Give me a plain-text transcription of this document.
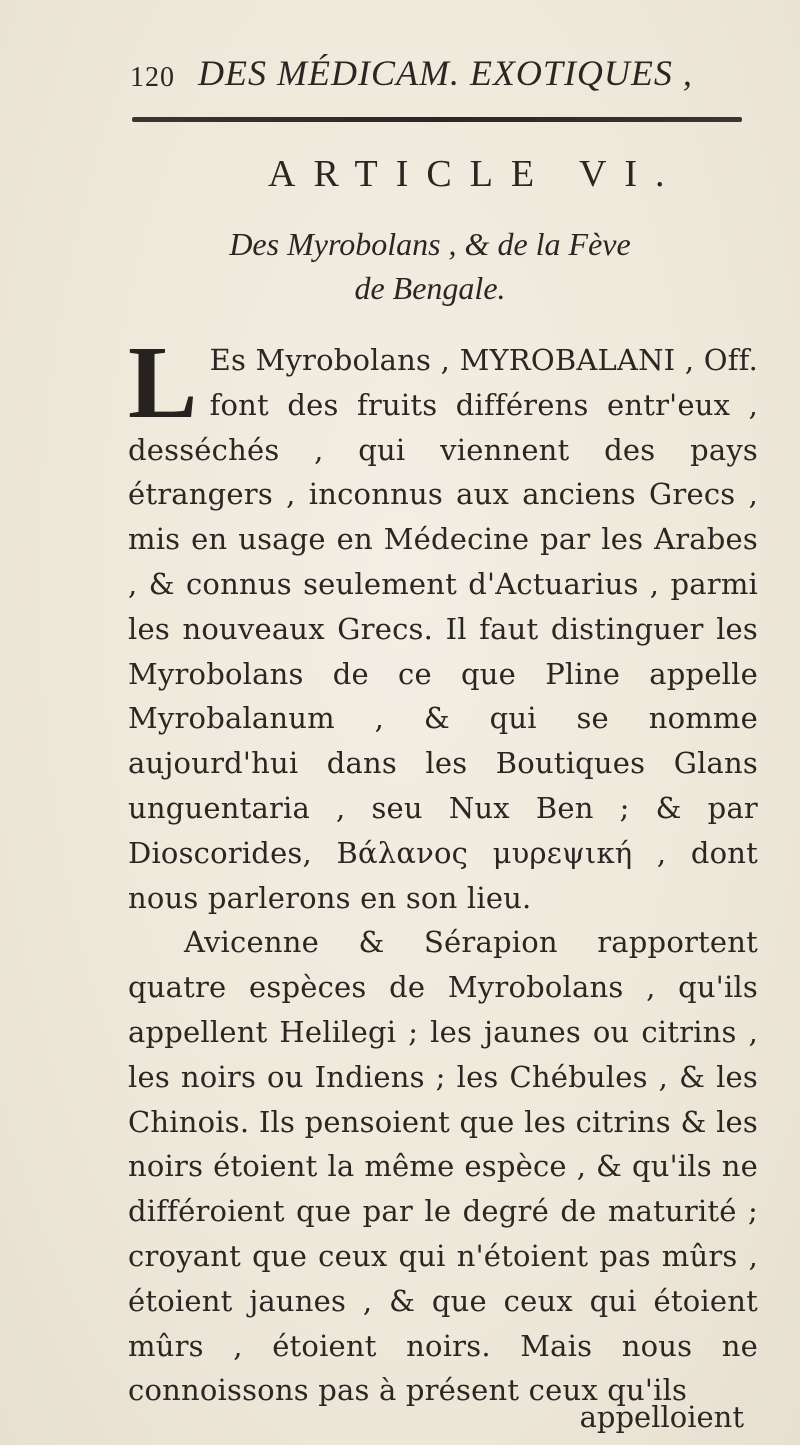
120 DES MÉDICAM. EXOTIQUES ,
ARTICLE VI.
Des Myrobolans , & de la Fève
de Bengale.
L Es Myrobolans , MYROBALANI , Off. font des fruits différens entr'eux , desséchés , qui viennent des pays étrangers , inconnus aux anciens Grecs , mis en usage en Médecine par les Arabes , & connus seulement d'Actuarius , parmi les nouveaux Grecs. Il faut distinguer les Myrobolans de ce que Pline appelle Myrobalanum , & qui se nomme aujourd'hui dans les Boutiques Glans unguentaria , seu Nux Ben ; & par Dioscorides, Βάλανος μυρεψική , dont nous parlerons en son lieu.

Avicenne & Sérapion rapportent quatre espèces de Myrobolans , qu'ils appellent Helilegi ; les jaunes ou citrins , les noirs ou Indiens ; les Chébules , & les Chinois. Ils pensoient que les citrins & les noirs étoient la même espèce , & qu'ils ne différoient que par le degré de maturité ; croyant que ceux qui n'étoient pas mûrs , étoient jaunes , & que ceux qui étoient mûrs , étoient noirs. Mais nous ne connoissons pas à présent ceux qu'ils

appelloient
